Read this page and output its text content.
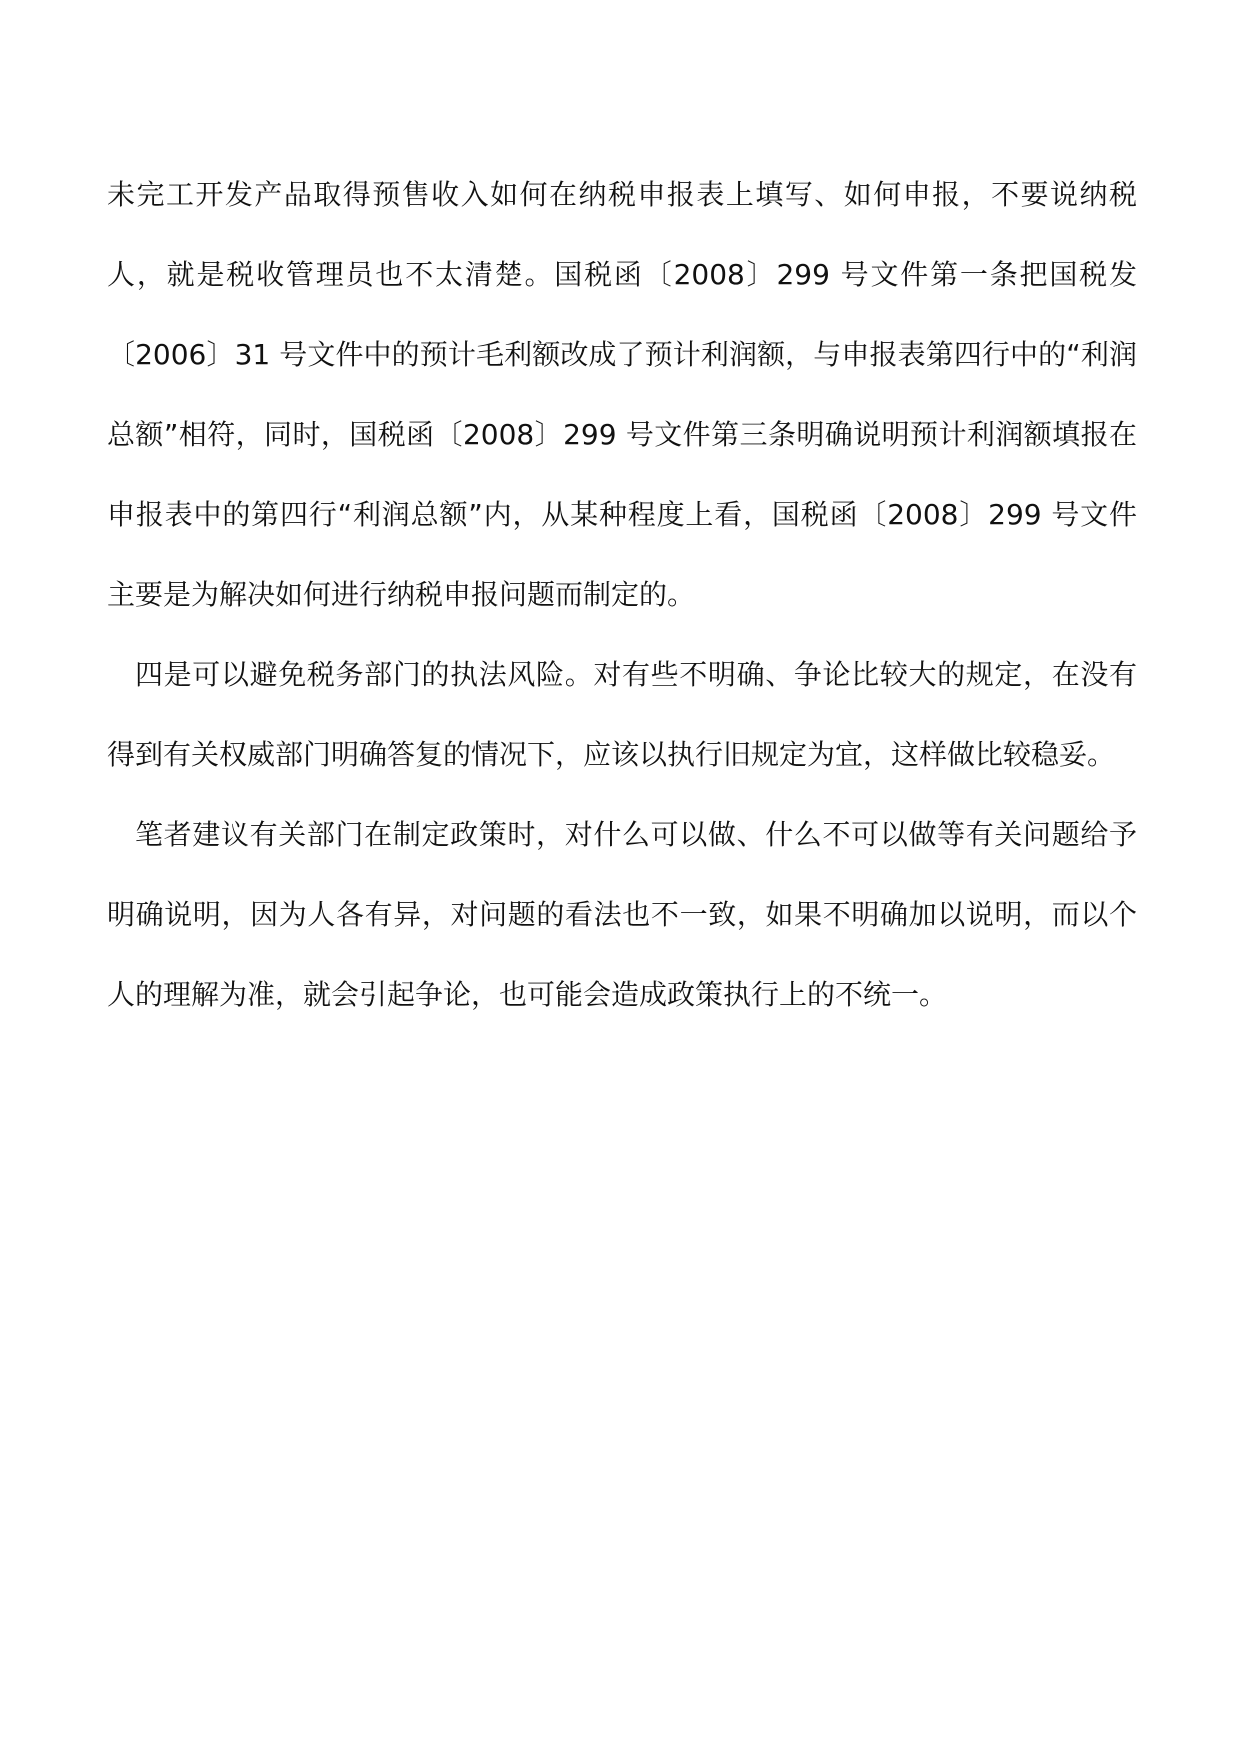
未完工开发产品取得预售收入如何在纳税申报表上填写、如何申报，不要说纳税人，就是税收管理员也不太清楚。国税函〔2008〕299 号文件第一条把国税发〔2006〕31 号文件中的预计毛利额改成了预计利润额，与申报表第四行中的“利润总额”相符，同时，国税函〔2008〕299 号文件第三条明确说明预计利润额填报在申报表中的第四行“利润总额”内，从某种程度上看，国税函〔2008〕299 号文件主要是为解决如何进行纳税申报问题而制定的。

四是可以避免税务部门的执法风险。对有些不明确、争论比较大的规定，在没有得到有关权威部门明确答复的情况下，应该以执行旧规定为宜，这样做比较稳妥。

笔者建议有关部门在制定政策时，对什么可以做、什么不可以做等有关问题给予明确说明，因为人各有异，对问题的看法也不一致，如果不明确加以说明，而以个人的理解为准，就会引起争论，也可能会造成政策执行上的不统一。
